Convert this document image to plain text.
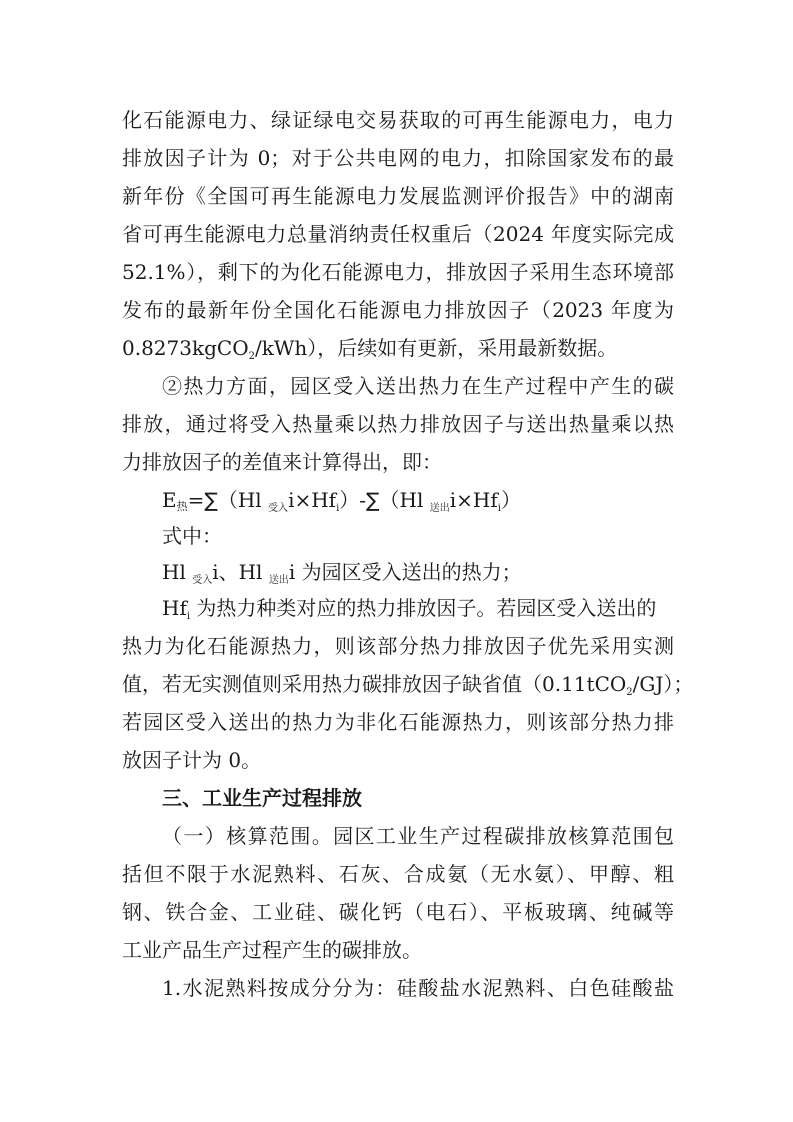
化石能源电力、绿证绿电交易获取的可再生能源电力，电力
排放因子计为 0；对于公共电网的电力，扣除国家发布的最
新年份《全国可再生能源电力发展监测评价报告》中的湖南
省可再生能源电力总量消纳责任权重后（2024 年度实际完成
52.1%），剩下的为化石能源电力，排放因子采用生态环境部
发布的最新年份全国化石能源电力排放因子（2023 年度为
0.8273kgCO$_2$/kWh），后续如有更新，采用最新数据。
②热力方面，园区受入送出热力在生产过程中产生的碳
排放，通过将受入热量乘以热力排放因子与送出热量乘以热
力排放因子的差值来计算得出，即：
E热=∑（Hl $_{受入}i\times Hf_i)-\sum(Hl$ $_{送出}i\times Hf_i$）
式中：
Hl $_{受入}$i、Hl $_{送出}$i 为园区受入送出的热力；
$Hf_i$ 为热力种类对应的热力排放因子。若园区受入送出的
热力为化石能源热力，则该部分热力排放因子优先采用实测
值，若无实测值则采用热力碳排放因子缺省值（0.11tCO$_2$/GJ）；
若园区受入送出的热力为非化石能源热力，则该部分热力排
放因子计为 0。
三、工业生产过程排放
（一）核算范围。园区工业生产过程碳排放核算范围包
括但不限于水泥熟料、石灰、合成氨（无水氨）、甲醇、粗
钢、铁合金、工业硅、碳化钙（电石）、平板玻璃、纯碱等
工业产品生产过程产生的碳排放。
1.水泥熟料按成分分为：硅酸盐水泥熟料、白色硅酸盐
